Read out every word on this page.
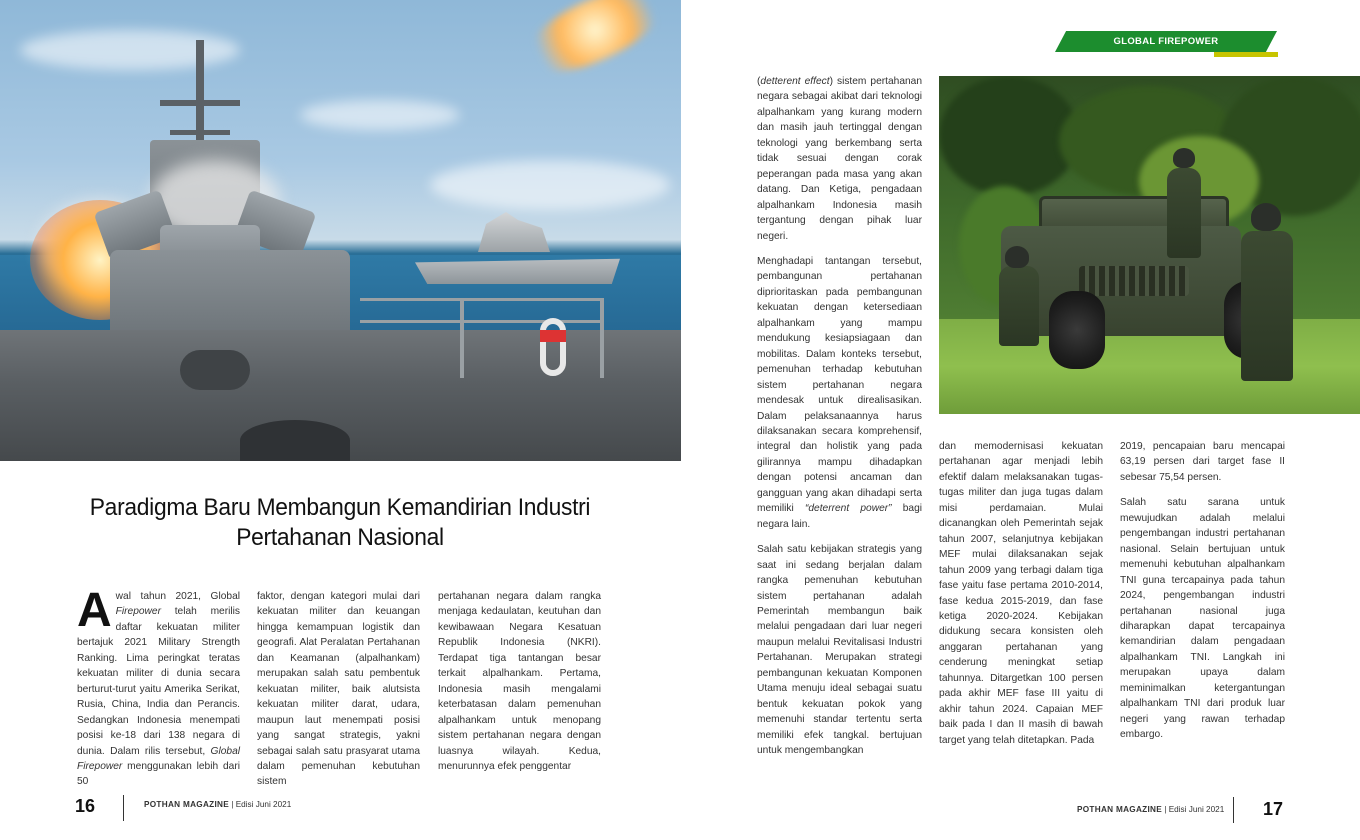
Paradigma Baru Membangun Kemandirian Industri
Pertahanan Nasional

Awal tahun 2021, Global Firepower telah merilis daftar kekuatan militer bertajuk 2021 Military Strength Ranking. Lima peringkat teratas kekuatan militer di dunia secara berturut-turut yaitu Amerika Serikat, Rusia, China, India dan Perancis. Sedangkan Indonesia menempati posisi ke-18 dari 138 negara di dunia. Dalam rilis tersebut, Global Firepower menggunakan lebih dari 50

faktor, dengan kategori mulai dari kekuatan militer dan keuangan hingga kemampuan logistik dan geografi. Alat Peralatan Pertahanan dan Keamanan (alpalhankam) merupakan salah satu pembentuk kekuatan militer, baik alutsista kekuatan militer darat, udara, maupun laut menempati posisi yang sangat strategis, yakni sebagai salah satu prasyarat utama dalam pemenuhan kebutuhan sistem

pertahanan negara dalam rangka menjaga kedaulatan, keutuhan dan kewibawaan Negara Kesatuan Republik Indonesia (NKRI). Terdapat tiga tantangan besar terkait alpalhankam. Pertama, Indonesia masih mengalami keterbatasan dalam pemenuhan alpalhankam untuk menopang sistem pertahanan negara dengan luasnya wilayah. Kedua, menurunnya efek penggentar

GLOBAL FIREPOWER

(detterent effect) sistem pertahanan negara sebagai akibat dari teknologi alpalhankam yang kurang modern dan masih jauh tertinggal dengan teknologi yang berkembang serta tidak sesuai dengan corak peperangan pada masa yang akan datang. Dan Ketiga, pengadaan alpalhankam Indonesia masih tergantung dengan pihak luar negeri.

Menghadapi tantangan tersebut, pembangunan pertahanan diprioritaskan pada pembangunan kekuatan dengan ketersediaan alpalhankam yang mampu mendukung kesiapsiagaan dan mobilitas. Dalam konteks tersebut, pemenuhan terhadap kebutuhan sistem pertahanan negara mendesak untuk direalisasikan. Dalam pelaksanaannya harus dilaksanakan secara komprehensif, integral dan holistik yang pada gilirannya mampu dihadapkan dengan potensi ancaman dan gangguan yang akan dihadapi serta memiliki “deterrent power” bagi negara lain.

Salah satu kebijakan strategis yang saat ini sedang berjalan dalam rangka pemenuhan kebutuhan sistem pertahanan adalah Pemerintah membangun baik melalui pengadaan dari luar negeri maupun melalui Revitalisasi Industri Pertahanan. Merupakan strategi pembangunan kekuatan Komponen Utama menuju ideal sebagai suatu bentuk kekuatan pokok yang memenuhi standar tertentu serta memiliki efek tangkal. bertujuan untuk mengembangkan

dan memodernisasi kekuatan pertahanan agar menjadi lebih efektif dalam melaksanakan tugas-tugas militer dan juga tugas dalam misi perdamaian. Mulai dicanangkan oleh Pemerintah sejak tahun 2007, selanjutnya kebijakan MEF mulai dilaksanakan sejak tahun 2009 yang terbagi dalam tiga fase yaitu fase pertama 2010-2014, fase kedua 2015-2019, dan fase ketiga 2020-2024. Kebijakan didukung secara konsisten oleh anggaran pertahanan yang cenderung meningkat setiap tahunnya. Ditargetkan 100 persen pada akhir MEF fase III yaitu di akhir tahun 2024. Capaian MEF baik pada I dan II masih di bawah target yang telah ditetapkan. Pada

2019, pencapaian baru mencapai 63,19 persen dari target fase II sebesar 75,54 persen.

Salah satu sarana untuk mewujudkan adalah melalui pengembangan industri pertahanan nasional. Selain bertujuan untuk memenuhi kebutuhan alpalhankam TNI guna tercapainya pada tahun 2024, pengembangan industri pertahanan nasional juga diharapkan dapat tercapainya kemandirian dalam pengadaan alpalhankam TNI. Langkah ini merupakan upaya dalam meminimalkan ketergantungan alpalhankam TNI dari produk luar negeri yang rawan terhadap embargo.

16	POTHAN MAGAZINE | Edisi Juni 2021
POTHAN MAGAZINE | Edisi Juni 2021 17
